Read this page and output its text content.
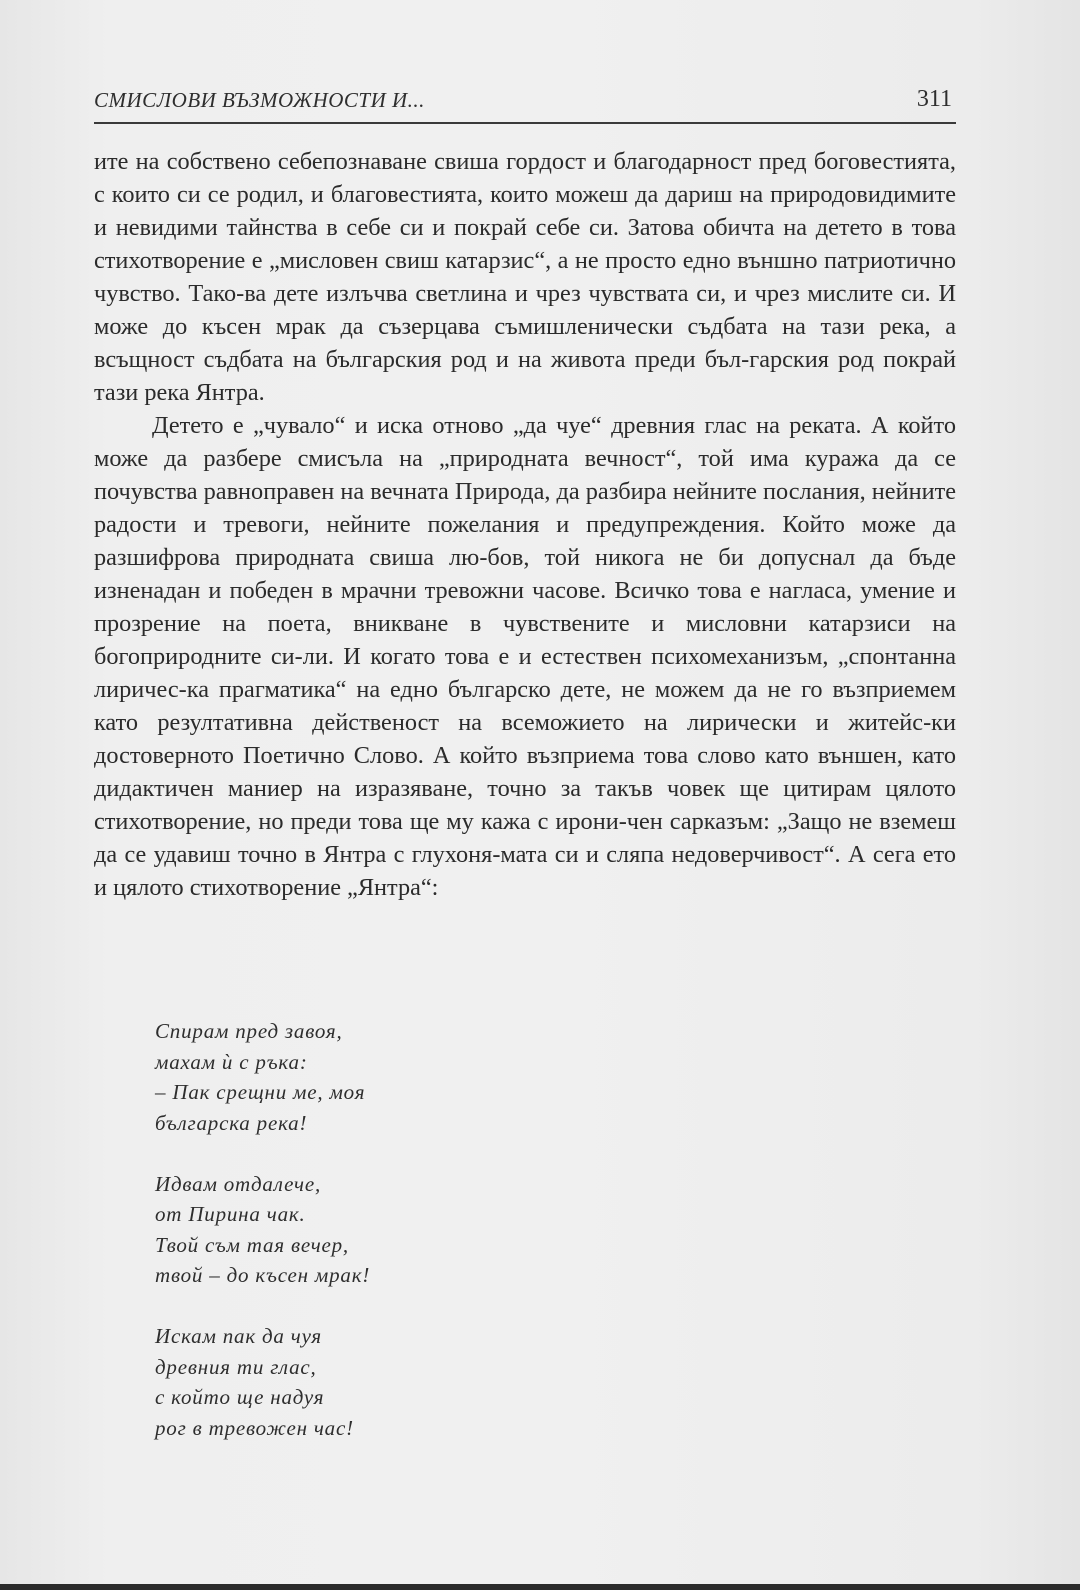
СМИСЛОВИ ВЪЗМОЖНОСТИ И...	311

ите на собствено себепознаване свиша гордост и благодарност пред боговестията, с които си се родил, и благовестията, които можеш да дариш на природовидимите и невидими тайнства в себе си и покрай себе си. Затова обичта на детето в това стихотворение е „мисловен свиш катарзис“, а не просто едно външно патриотично чувство. Тако-ва дете излъчва светлина и чрез чувствата си, и чрез мислите си. И може до късен мрак да съзерцава съмишленически съдбата на тази река, а всъщност съдбата на българския род и на живота преди бъл-гарския род покрай тази река Янтра.

Детето е „чувало“ и иска отново „да чуе“ древния глас на реката. А който може да разбере смисъла на „природната вечност“, той има куража да се почувства равноправен на вечната Природа, да разбира нейните послания, нейните радости и тревоги, нейните пожелания и предупреждения. Който може да разшифрова природната свиша лю-бов, той никога не би допуснал да бъде изненадан и победен в мрачни тревожни часове. Всичко това е нагласа, умение и прозрение на поета, вникване в чувствените и мисловни катарзиси на богоприродните си-ли. И когато това е и естествен психомеханизъм, „спонтанна лиричес-ка прагматика“ на едно българско дете, не можем да не го възприемем като резултативна действеност на всеможието на лирически и житейс-ки достоверното Поетично Слово. А който възприема това слово като външен, като дидактичен маниер на изразяване, точно за такъв човек ще цитирам цялото стихотворение, но преди това ще му кажа с ирони-чен сарказъм: „Защо не вземеш да се удавиш точно в Янтра с глухоня-мата си и сляпа недоверчивост“. А сега ето и цялото стихотворение „Янтра“:

Спирам пред завоя,
махам ѝ с ръка:
– Пак срещни ме, моя
българска река!
Идвам отдалече,
от Пирина чак.
Твой съм тая вечер,
твой – до късен мрак!
Искам пак да чуя
древния ти глас,
с който ще надуя
рог в тревожен час!
